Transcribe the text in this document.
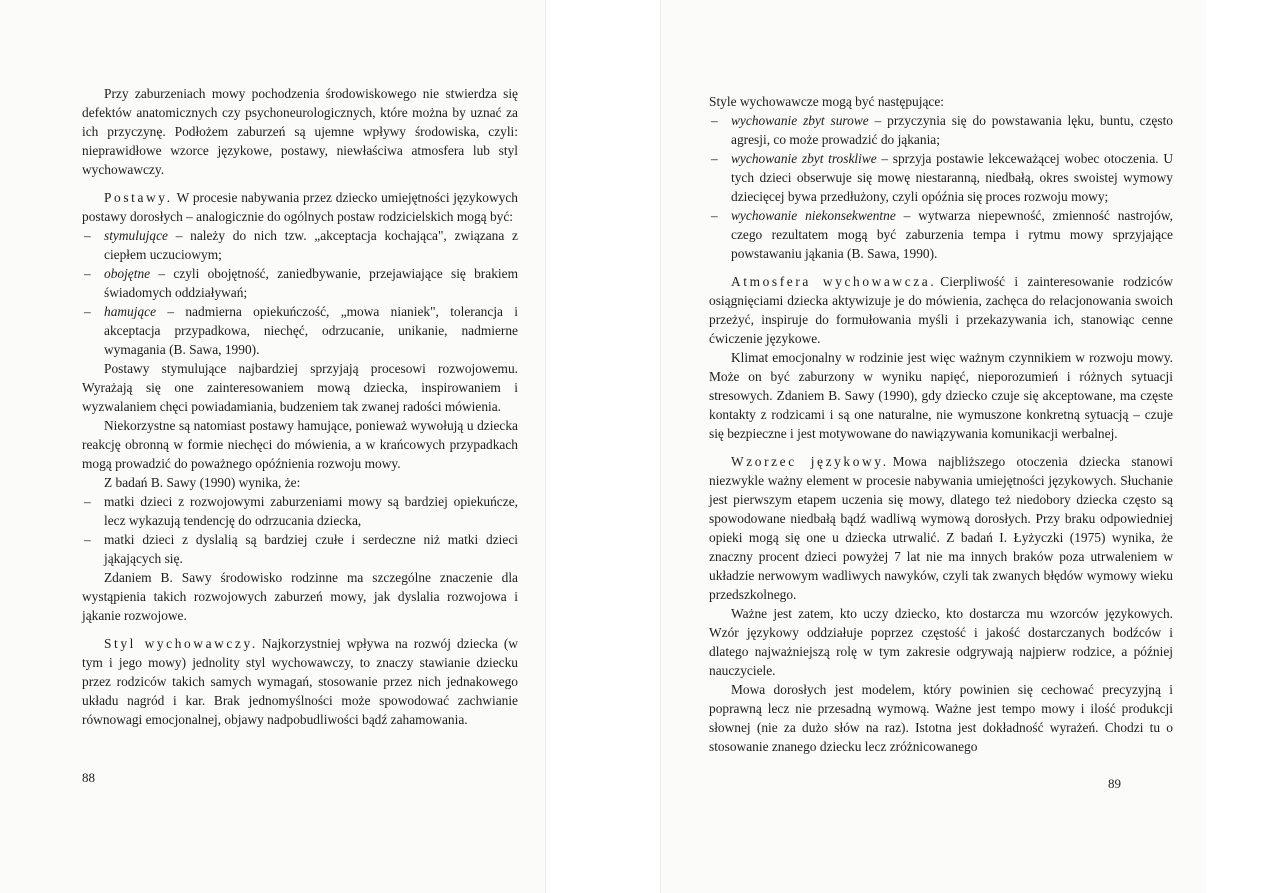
Przy zaburzeniach mowy pochodzenia środowiskowego nie stwierdza się defektów anatomicznych czy psychoneurologicznych, które można by uznać za ich przyczynę. Podłożem zaburzeń są ujemne wpływy środowiska, czyli: nieprawidłowe wzorce językowe, postawy, niewłaściwa atmosfera lub styl wychowawczy.

Postawy. W procesie nabywania przez dziecko umiejętności językowych postawy dorosłych – analogicznie do ogólnych postaw rodzicielskich mogą być:

– stymulujące – należy do nich tzw. „akceptacja kochająca", związana z ciepłem uczuciowym;
– obojętne – czyli obojętność, zaniedbywanie, przejawiające się brakiem świadomych oddziaływań;
– hamujące – nadmierna opiekuńczość, „mowa nianiek", tolerancja i akceptacja przypadkowa, niechęć, odrzucanie, unikanie, nadmierne wymagania (B. Sawa, 1990).

Postawy stymulujące najbardziej sprzyjają procesowi rozwojowemu. Wyrażają się one zainteresowaniem mową dziecka, inspirowaniem i wyzwalaniem chęci powiadamiania, budzeniem tak zwanej radości mówienia.

Niekorzystne są natomiast postawy hamujące, ponieważ wywołują u dziecka reakcję obronną w formie niechęci do mówienia, a w krańcowych przypadkach mogą prowadzić do poważnego opóźnienia rozwoju mowy.

Z badań B. Sawy (1990) wynika, że:

– matki dzieci z rozwojowymi zaburzeniami mowy są bardziej opiekuńcze, lecz wykazują tendencję do odrzucania dziecka,
– matki dzieci z dyslalią są bardziej czułe i serdeczne niż matki dzieci jąkających się.

Zdaniem B. Sawy środowisko rodzinne ma szczególne znaczenie dla wystąpienia takich rozwojowych zaburzeń mowy, jak dyslalia rozwojowa i jąkanie rozwojowe.

Styl wychowawczy. Najkorzystniej wpływa na rozwój dziecka (w tym i jego mowy) jednolity styl wychowawczy, to znaczy stawianie dziecku przez rodziców takich samych wymagań, stosowanie przez nich jednakowego układu nagród i kar. Brak jednomyślności może spowodować zachwianie równowagi emocjonalnej, objawy nadpobudliwości bądź zahamowania.

88

Style wychowawcze mogą być następujące:

– wychowanie zbyt surowe – przyczynia się do powstawania lęku, buntu, często agresji, co może prowadzić do jąkania;
– wychowanie zbyt troskliwe – sprzyja postawie lekceważącej wobec otoczenia. U tych dzieci obserwuje się mowę niestaranną, niedbałą, okres swoistej wymowy dziecięcej bywa przedłużony, czyli opóźnia się proces rozwoju mowy;
– wychowanie niekonsekwentne – wytwarza niepewność, zmienność nastrojów, czego rezultatem mogą być zaburzenia tempa i rytmu mowy sprzyjające powstawaniu jąkania (B. Sawa, 1990).

Atmosfera wychowawcza. Cierpliwość i zainteresowanie rodziców osiągnięciami dziecka aktywizuje je do mówienia, zachęca do relacjonowania swoich przeżyć, inspiruje do formułowania myśli i przekazywania ich, stanowiąc cenne ćwiczenie językowe.

Klimat emocjonalny w rodzinie jest więc ważnym czynnikiem w rozwoju mowy. Może on być zaburzony w wyniku napięć, nieporozumień i różnych sytuacji stresowych. Zdaniem B. Sawy (1990), gdy dziecko czuje się akceptowane, ma częste kontakty z rodzicami i są one naturalne, nie wymuszone konkretną sytuacją – czuje się bezpieczne i jest motywowane do nawiązywania komunikacji werbalnej.

Wzorzec językowy. Mowa najbliższego otoczenia dziecka stanowi niezwykle ważny element w procesie nabywania umiejętności językowych. Słuchanie jest pierwszym etapem uczenia się mowy, dlatego też niedobory dziecka często są spowodowane niedbałą bądź wadliwą wymową dorosłych. Przy braku odpowiedniej opieki mogą się one u dziecka utrwalić. Z badań I. Łyżyczki (1975) wynika, że znaczny procent dzieci powyżej 7 lat nie ma innych braków poza utrwaleniem w układzie nerwowym wadliwych nawyków, czyli tak zwanych błędów wymowy wieku przedszkolnego.

Ważne jest zatem, kto uczy dziecko, kto dostarcza mu wzorców językowych. Wzór językowy oddziałuje poprzez częstość i jakość dostarczanych bodźców i dlatego najważniejszą rolę w tym zakresie odgrywają najpierw rodzice, a później nauczyciele.

Mowa dorosłych jest modelem, który powinien się cechować precyzyjną i poprawną lecz nie przesadną wymową. Ważne jest tempo mowy i ilość produkcji słownej (nie za dużo słów na raz). Istotna jest dokładność wyrażeń. Chodzi tu o stosowanie znanego dziecku lecz zróżnicowanego

89
